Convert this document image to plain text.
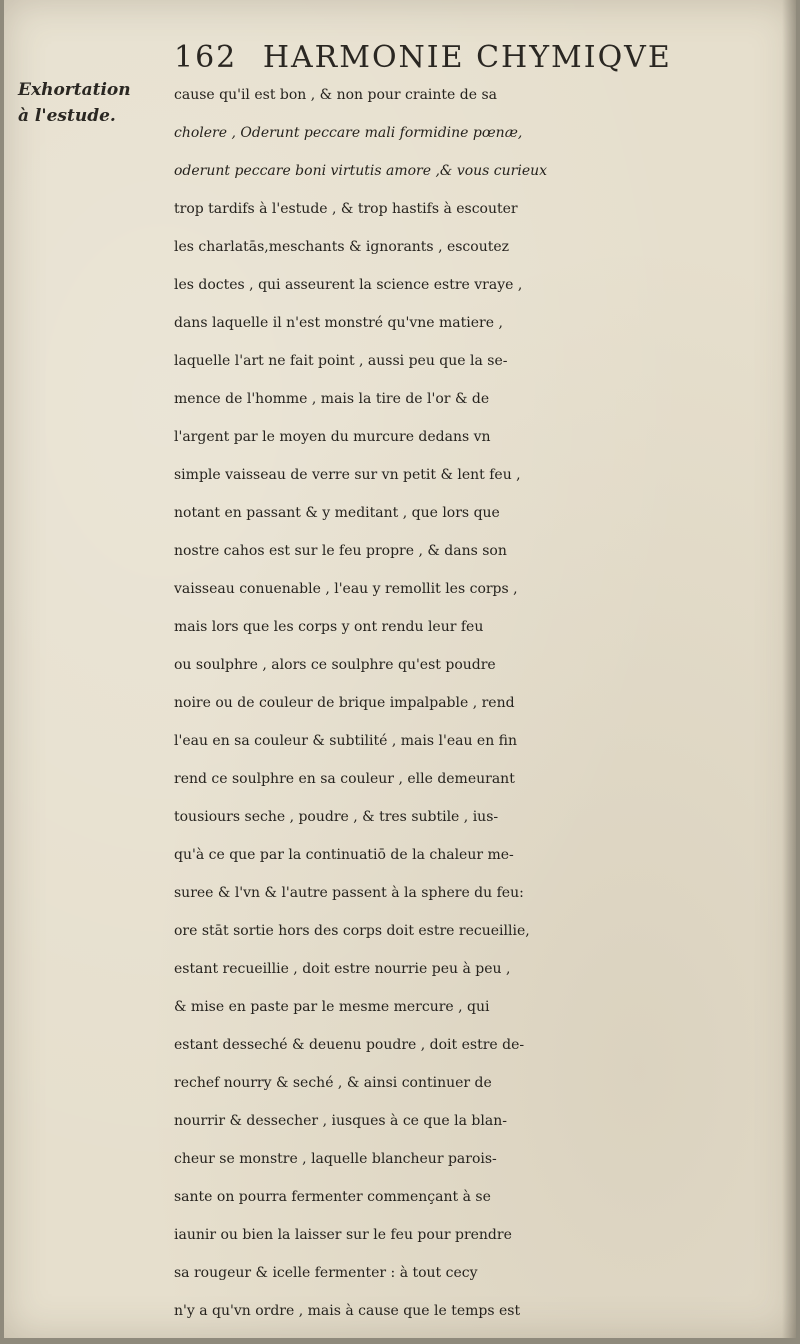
162 HARMONIE CHYMIQVE
Exhortation
à l'estude.
cause qu'il est bon , & non pour crainte de sa
cholere , Oderunt peccare mali formidine pœnæ,
oderunt peccare boni virtutis amore ,& vous curieux
trop tardifs à l'estude , & trop hastifs à escouter
les charlatās,meschants & ignorants , escoutez
les doctes , qui asseurent la science estre vraye ,
dans laquelle il n'est monstré qu'vne matiere ,
laquelle l'art ne fait point , aussi peu que la se-
mence de l'homme , mais la tire de l'or & de
l'argent par le moyen du murcure dedans vn
simple vaisseau de verre sur vn petit & lent feu ,
notant en passant & y meditant , que lors que
nostre cahos est sur le feu propre , & dans son
vaisseau conuenable , l'eau y remollit les corps ,
mais lors que les corps y ont rendu leur feu
ou soulphre , alors ce soulphre qu'est poudre
noire ou de couleur de brique impalpable , rend
l'eau en sa couleur & subtilité , mais l'eau en fin
rend ce soulphre en sa couleur , elle demeurant
tousiours seche , poudre , & tres subtile , ius-
qu'à ce que par la continuatiō de la chaleur me-
suree & l'vn & l'autre passent à la sphere du feu:
ore stāt sortie hors des corps doit estre recueillie,
estant recueillie , doit estre nourrie peu à peu ,
& mise en paste par le mesme mercure , qui
estant desseché & deuenu poudre , doit estre de-
rechef nourry & seché , & ainsi continuer de
nourrir & dessecher , iusques à ce que la blan-
cheur se monstre , laquelle blancheur parois-
sante on pourra fermenter commençant à se
iaunir ou bien la laisser sur le feu pour prendre
sa rougeur & icelle fermenter : à tout cecy
n'y a qu'vn ordre , mais à cause que le temps est
